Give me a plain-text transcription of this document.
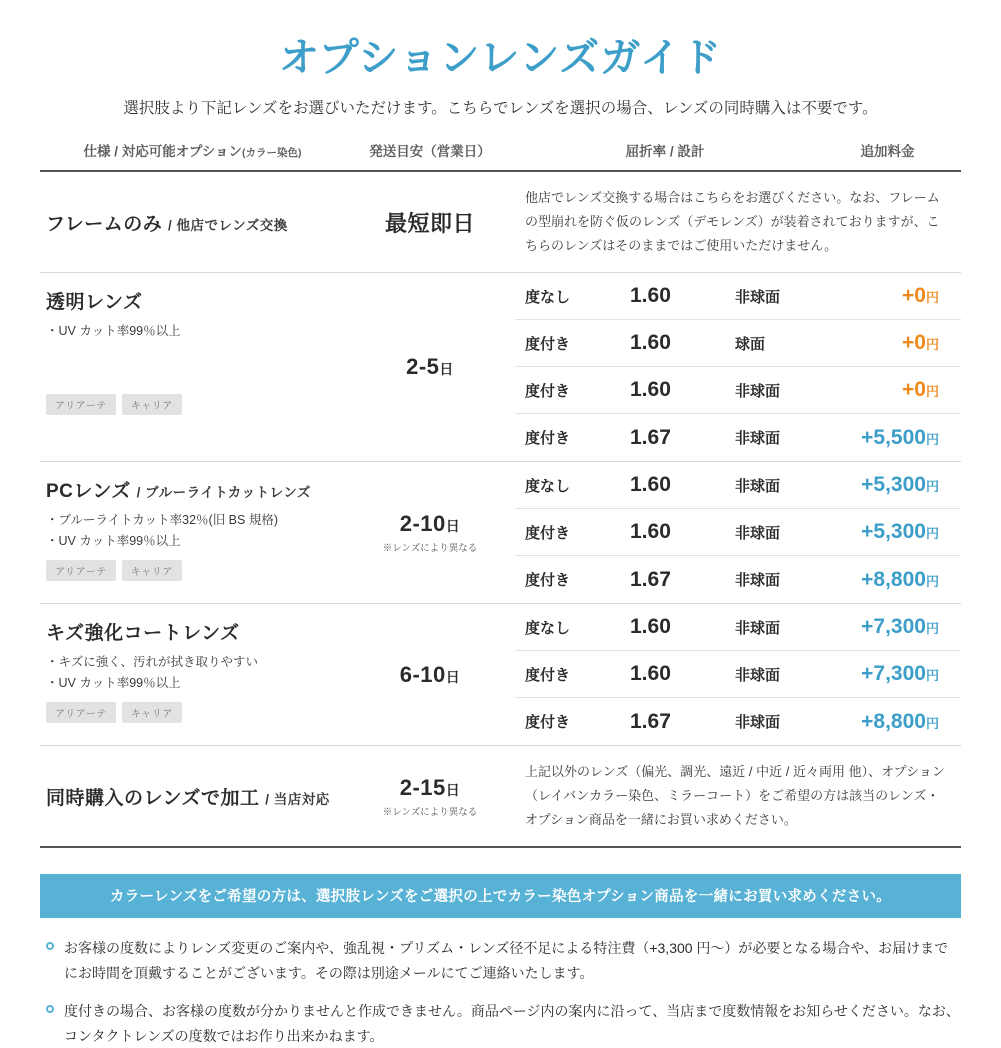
オプションレンズガイド
選択肢より下記レンズをお選びいただけます。こちらでレンズを選択の場合、レンズの同時購入は不要です。
仕様 / 対応可能オプション(カラー染色)	発送目安（営業日）	屈折率 / 設計	追加料金
フレームのみ / 他店でレンズ交換	最短即日
他店でレンズ交換する場合はこちらをお選びください。なお、フレームの型崩れを防ぐ仮のレンズ（デモレンズ）が装着されておりますが、こちらのレンズはそのままではご使用いただけません。
透明レンズ
・UV カット率99％以上
アリアーテ	キャリア
2-5日
度なし	1.60	非球面	+0円
度付き	1.60	球面	+0円
度付き	1.60	非球面	+0円
度付き	1.67	非球面	+5,500円
PCレンズ / ブルーライトカットレンズ
・ブルーライトカット率32％(旧 BS 規格)
・UV カット率99％以上
アリアーテ	キャリア
2-10日
※レンズにより異なる
度なし	1.60	非球面	+5,300円
度付き	1.60	非球面	+5,300円
度付き	1.67	非球面	+8,800円
キズ強化コートレンズ
・キズに強く、汚れが拭き取りやすい
・UV カット率99％以上
アリアーテ	キャリア
6-10日
度なし	1.60	非球面	+7,300円
度付き	1.60	非球面	+7,300円
度付き	1.67	非球面	+8,800円
同時購入のレンズで加工 / 当店対応	2-15日
※レンズにより異なる
上記以外のレンズ（偏光、調光、遠近 / 中近 / 近々両用 他）、オプション（レイバンカラー染色、ミラーコート）をご希望の方は該当のレンズ・オプション商品を一緒にお買い求めください。
カラーレンズをご希望の方は、選択肢レンズをご選択の上でカラー染色オプション商品を一緒にお買い求めください。
お客様の度数によりレンズ変更のご案内や、強乱視・プリズム・レンズ径不足による特注費（+3,300 円〜）が必要となる場合や、お届けまでにお時間を頂戴することがございます。その際は別途メールにてご連絡いたします。
度付きの場合、お客様の度数が分かりませんと作成できません。商品ページ内の案内に沿って、当店まで度数情報をお知らせください。なお、コンタクトレンズの度数ではお作り出来かねます。
